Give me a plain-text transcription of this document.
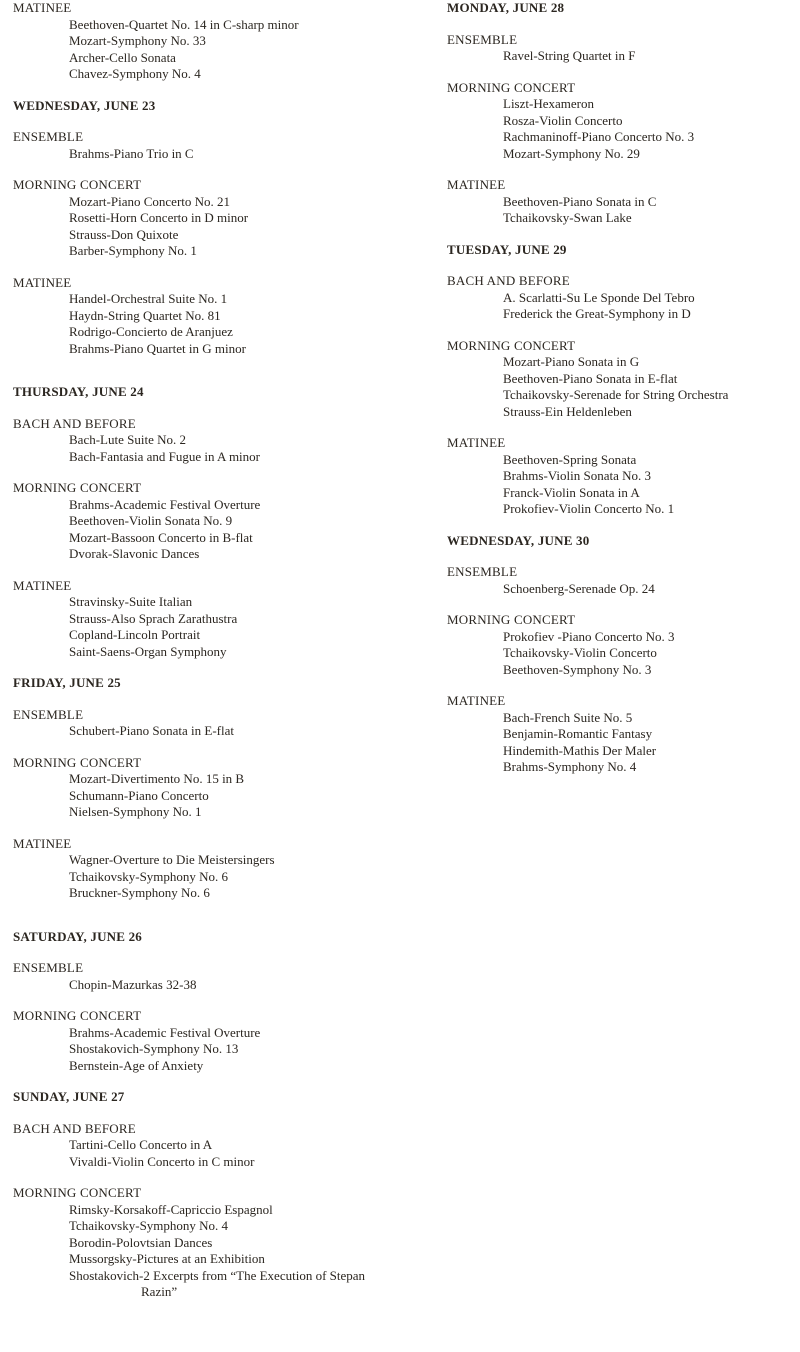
MATINEE
Beethoven-Quartet No. 14 in C-sharp minor
Mozart-Symphony No. 33
Archer-Cello Sonata
Chavez-Symphony No. 4
WEDNESDAY, JUNE 23
ENSEMBLE
Brahms-Piano Trio in C
MORNING CONCERT
Mozart-Piano Concerto No. 21
Rosetti-Horn Concerto in D minor
Strauss-Don Quixote
Barber-Symphony No. 1
MATINEE
Handel-Orchestral Suite No. 1
Haydn-String Quartet No. 81
Rodrigo-Concierto de Aranjuez
Brahms-Piano Quartet in G minor
THURSDAY, JUNE 24
BACH AND BEFORE
Bach-Lute Suite No. 2
Bach-Fantasia and Fugue in A minor
MORNING CONCERT
Brahms-Academic Festival Overture
Beethoven-Violin Sonata No. 9
Mozart-Bassoon Concerto in B-flat
Dvorak-Slavonic Dances
MATINEE
Stravinsky-Suite Italian
Strauss-Also Sprach Zarathustra
Copland-Lincoln Portrait
Saint-Saens-Organ Symphony
FRIDAY, JUNE 25
ENSEMBLE
Schubert-Piano Sonata in E-flat
MORNING CONCERT
Mozart-Divertimento No. 15 in B
Schumann-Piano Concerto
Nielsen-Symphony No. 1
MATINEE
Wagner-Overture to Die Meistersingers
Tchaikovsky-Symphony No. 6
Bruckner-Symphony No. 6
SATURDAY, JUNE 26
ENSEMBLE
Chopin-Mazurkas 32-38
MORNING CONCERT
Brahms-Academic Festival Overture
Shostakovich-Symphony No. 13
Bernstein-Age of Anxiety
SUNDAY, JUNE 27
BACH AND BEFORE
Tartini-Cello Concerto in A
Vivaldi-Violin Concerto in C minor
MORNING CONCERT
Rimsky-Korsakoff-Capriccio Espagnol
Tchaikovsky-Symphony No. 4
Borodin-Polovtsian Dances
Mussorgsky-Pictures at an Exhibition
Shostakovich-2 Excerpts from “The Execution of Stepan
Razin”
MONDAY, JUNE 28
ENSEMBLE
Ravel-String Quartet in F
MORNING CONCERT
Liszt-Hexameron
Rosza-Violin Concerto
Rachmaninoff-Piano Concerto No. 3
Mozart-Symphony No. 29
MATINEE
Beethoven-Piano Sonata in C
Tchaikovsky-Swan Lake
TUESDAY, JUNE 29
BACH AND BEFORE
A. Scarlatti-Su Le Sponde Del Tebro
Frederick the Great-Symphony in D
MORNING CONCERT
Mozart-Piano Sonata in G
Beethoven-Piano Sonata in E-flat
Tchaikovsky-Serenade for String Orchestra
Strauss-Ein Heldenleben
MATINEE
Beethoven-Spring Sonata
Brahms-Violin Sonata No. 3
Franck-Violin Sonata in A
Prokofiev-Violin Concerto No. 1
WEDNESDAY, JUNE 30
ENSEMBLE
Schoenberg-Serenade Op. 24
MORNING CONCERT
Prokofiev -Piano Concerto No. 3
Tchaikovsky-Violin Concerto
Beethoven-Symphony No. 3
MATINEE
Bach-French Suite No. 5
Benjamin-Romantic Fantasy
Hindemith-Mathis Der Maler
Brahms-Symphony No. 4
